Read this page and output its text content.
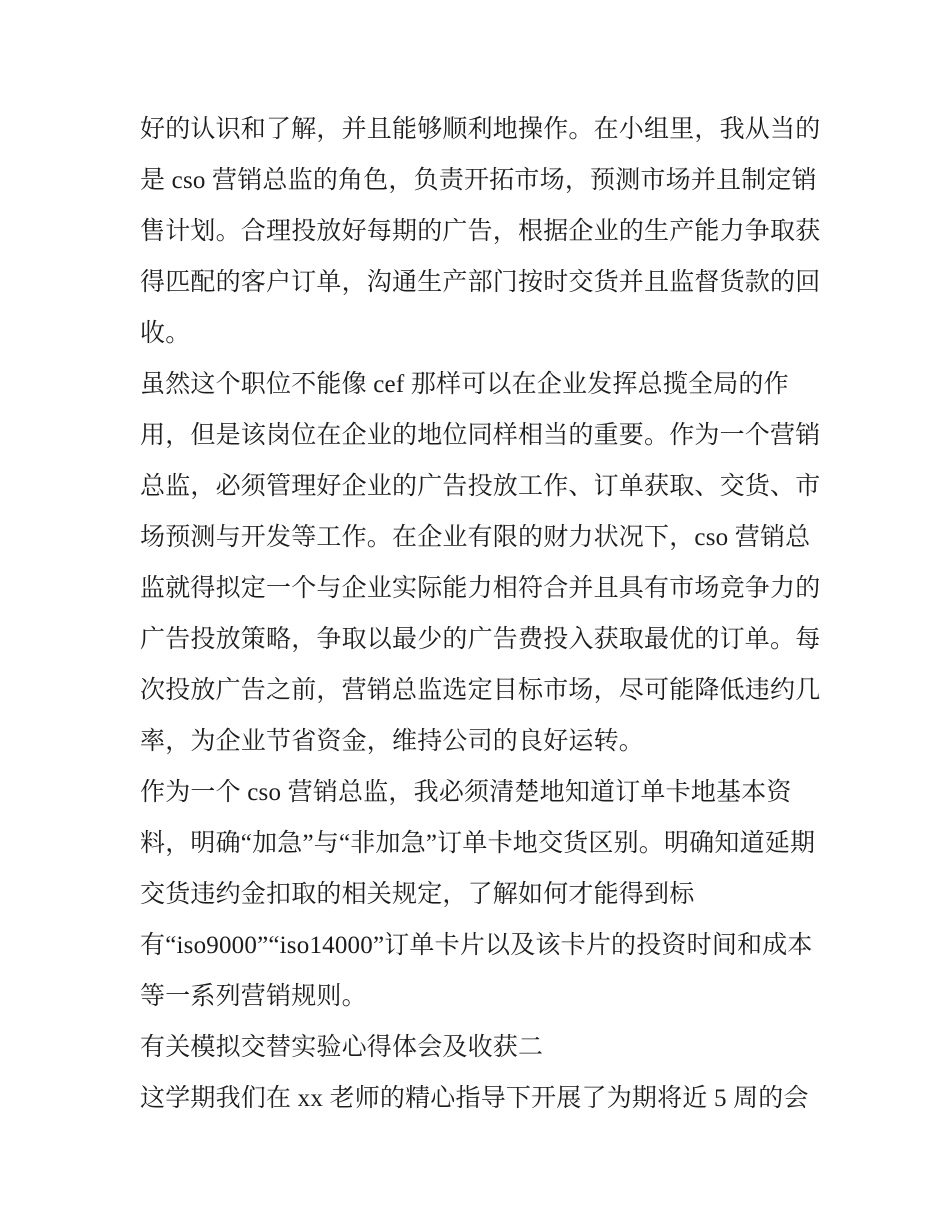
好的认识和了解，并且能够顺利地操作。在小组里，我从当的
是 cso 营销总监的角色，负责开拓市场，预测市场并且制定销
售计划。合理投放好每期的广告，根据企业的生产能力争取获
得匹配的客户订单，沟通生产部门按时交货并且监督货款的回
收。
虽然这个职位不能像 cef 那样可以在企业发挥总揽全局的作
用，但是该岗位在企业的地位同样相当的重要。作为一个营销
总监，必须管理好企业的广告投放工作、订单获取、交货、市
场预测与开发等工作。在企业有限的财力状况下，cso 营销总
监就得拟定一个与企业实际能力相符合并且具有市场竞争力的
广告投放策略，争取以最少的广告费投入获取最优的订单。每
次投放广告之前，营销总监选定目标市场，尽可能降低违约几
率，为企业节省资金，维持公司的良好运转。
作为一个 cso 营销总监，我必须清楚地知道订单卡地基本资
料，明确“加急”与“非加急”订单卡地交货区别。明确知道延期
交货违约金扣取的相关规定，了解如何才能得到标
有“iso9000”“iso14000”订单卡片以及该卡片的投资时间和成本
等一系列营销规则。
有关模拟交替实验心得体会及收获二
这学期我们在 xx 老师的精心指导下开展了为期将近 5 周的会
